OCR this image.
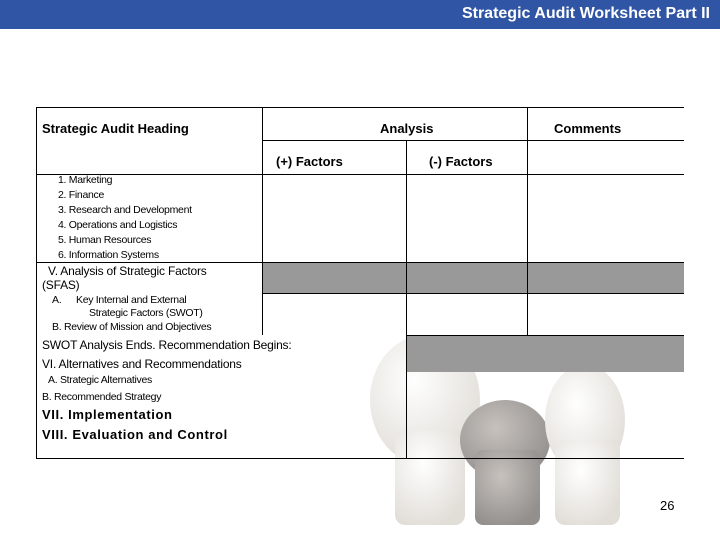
Strategic Audit Worksheet Part II
Strategic Audit Heading	Analysis	Comments
(+) Factors	(-) Factors
1. Marketing
2. Finance
3. Research and Development
4. Operations and Logistics
5. Human Resources
6. Information Systems
V. Analysis of Strategic Factors
(SFAS)
A. Key Internal and External
Strategic Factors (SWOT)
B. Review of Mission and Objectives
SWOT Analysis Ends. Recommendation Begins:
VI. Alternatives and Recommendations
A. Strategic Alternatives
B. Recommended Strategy
VII. Implementation
VIII. Evaluation and Control
26
